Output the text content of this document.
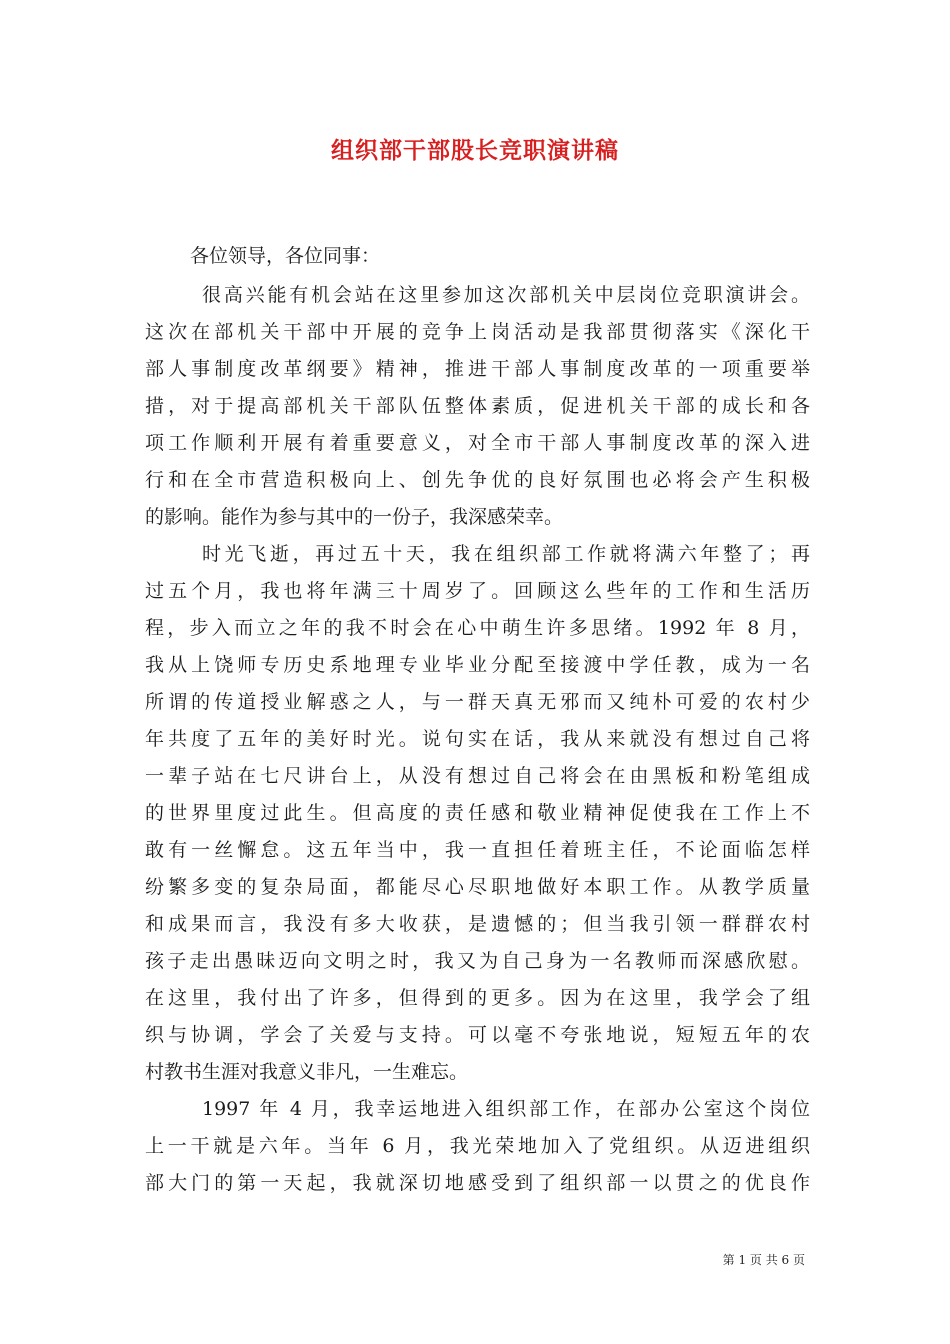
组织部干部股长竞职演讲稿
各位领导，各位同事：
很高兴能有机会站在这里参加这次部机关中层岗位竞职演讲会。
这次在部机关干部中开展的竞争上岗活动是我部贯彻落实《深化干
部人事制度改革纲要》精神，推进干部人事制度改革的一项重要举
措，对于提高部机关干部队伍整体素质，促进机关干部的成长和各
项工作顺利开展有着重要意义，对全市干部人事制度改革的深入进
行和在全市营造积极向上、创先争优的良好氛围也必将会产生积极
的影响。能作为参与其中的一份子，我深感荣幸。
时光飞逝，再过五十天，我在组织部工作就将满六年整了；再
过五个月，我也将年满三十周岁了。回顾这么些年的工作和生活历
程，步入而立之年的我不时会在心中萌生许多思绪。1992 年 8 月，
我从上饶师专历史系地理专业毕业分配至接渡中学任教，成为一名
所谓的传道授业解惑之人，与一群天真无邪而又纯朴可爱的农村少
年共度了五年的美好时光。说句实在话，我从来就没有想过自己将
一辈子站在七尺讲台上，从没有想过自己将会在由黑板和粉笔组成
的世界里度过此生。但高度的责任感和敬业精神促使我在工作上不
敢有一丝懈怠。这五年当中，我一直担任着班主任，不论面临怎样
纷繁多变的复杂局面，都能尽心尽职地做好本职工作。从教学质量
和成果而言，我没有多大收获，是遗憾的；但当我引领一群群农村
孩子走出愚昧迈向文明之时，我又为自己身为一名教师而深感欣慰。
在这里，我付出了许多，但得到的更多。因为在这里，我学会了组
织与协调，学会了关爱与支持。可以毫不夸张地说，短短五年的农
村教书生涯对我意义非凡，一生难忘。
1997 年 4 月，我幸运地进入组织部工作，在部办公室这个岗位
上一干就是六年。当年 6 月，我光荣地加入了党组织。从迈进组织
部大门的第一天起，我就深切地感受到了组织部一以贯之的优良作
第 1 页 共 6 页
